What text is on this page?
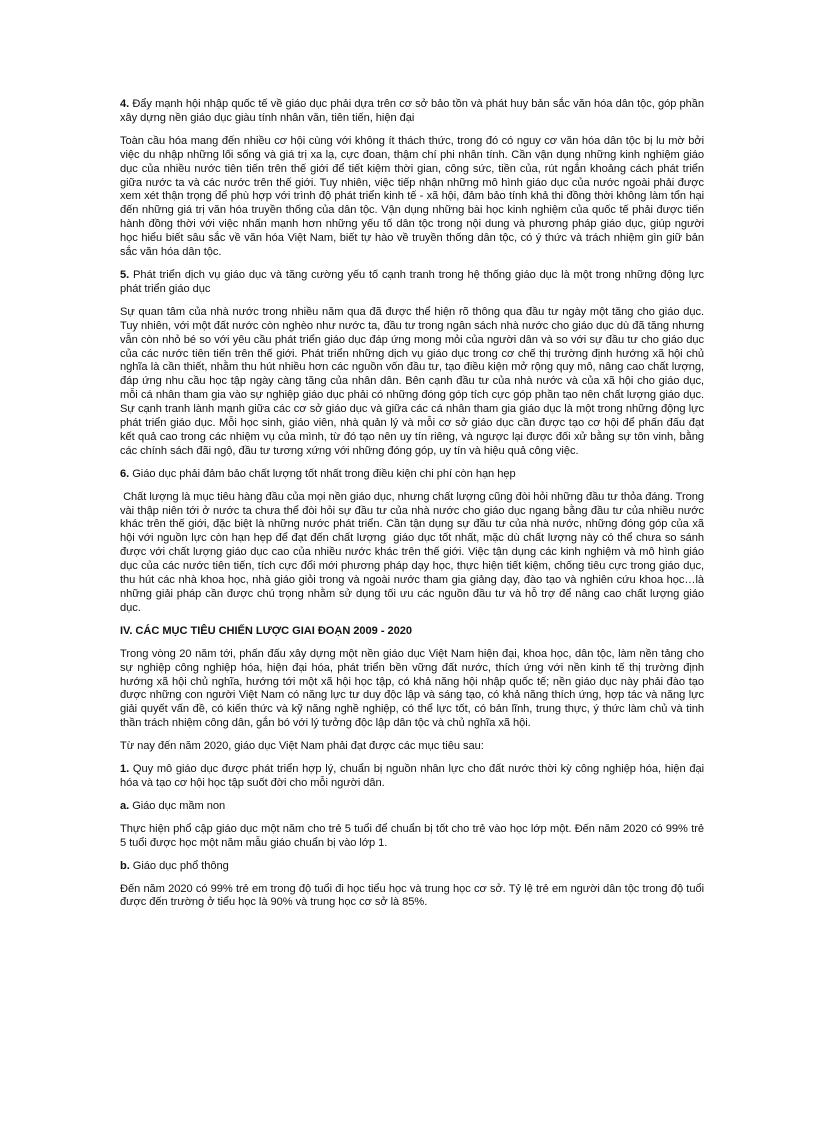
4. Đẩy mạnh hội nhập quốc tế về giáo dục phải dựa trên cơ sở bảo tồn và phát huy bản sắc văn hóa dân tộc, góp phần xây dựng nền giáo dục giàu tính nhân văn, tiên tiến, hiện đại

Toàn cầu hóa mang đến nhiều cơ hội cùng với không ít thách thức, trong đó có nguy cơ văn hóa dân tộc bị lu mờ bởi việc du nhập những lối sống và giá trị xa lạ, cực đoan, thậm chí phi nhân tính. Cần vận dụng những kinh nghiệm giáo dục của nhiều nước tiên tiến trên thế giới để tiết kiệm thời gian, công sức, tiền của, rút ngắn khoảng cách phát triển giữa nước ta và các nước trên thế giới. Tuy nhiên, việc tiếp nhận những mô hình giáo dục của nước ngoài phải được xem xét thận trọng để phù hợp với trình độ phát triển kinh tế - xã hội, đảm bảo tính khả thi đồng thời không làm tổn hại đến những giá trị văn hóa truyền thống của dân tộc. Vận dụng những bài học kinh nghiệm của quốc tế phải được tiến hành đồng thời với việc nhấn mạnh hơn những yếu tố dân tộc trong nội dung và phương pháp giáo dục, giúp người học hiểu biết sâu sắc về văn hóa Việt Nam, biết tự hào về truyền thống dân tộc, có ý thức và trách nhiệm gìn giữ bản sắc văn hóa dân tộc.

5. Phát triển dịch vụ giáo dục và tăng cường yếu tố cạnh tranh trong hệ thống giáo dục là một trong những động lực phát triển giáo dục

Sự quan tâm của nhà nước trong nhiều năm qua đã được thể hiện rõ thông qua đầu tư ngày một tăng cho giáo dục. Tuy nhiên, với một đất nước còn nghèo như nước ta, đầu tư trong ngân sách nhà nước cho giáo dục dù đã tăng nhưng vẫn còn nhỏ bé so với yêu cầu phát triển giáo dục đáp ứng mong mỏi của người dân và so với sự đầu tư cho giáo dục của các nước tiên tiến trên thế giới. Phát triển những dịch vụ giáo dục trong cơ chế thị trường định hướng xã hội chủ nghĩa là cần thiết, nhằm thu hút nhiều hơn các nguồn vốn đầu tư, tạo điều kiện mở rộng quy mô, nâng cao chất lượng, đáp ứng nhu cầu học tập ngày càng tăng của nhân dân. Bên cạnh đầu tư của nhà nước và của xã hội cho giáo dục, mỗi cá nhân tham gia vào sự nghiệp giáo dục phải có những đóng góp tích cực góp phần tạo nên chất lượng giáo dục. Sự cạnh tranh lành mạnh giữa các cơ sở giáo dục và giữa các cá nhân tham gia giáo dục là một trong những động lực phát triển giáo dục. Mỗi học sinh, giáo viên, nhà quản lý và mỗi cơ sở giáo dục cần được tạo cơ hội để phấn đấu đạt kết quả cao trong các nhiệm vụ của mình, từ đó tạo nên uy tín riêng, và ngược lại được đối xử bằng sự tôn vinh, bằng các chính sách đãi ngộ, đầu tư tương xứng với những đóng góp, uy tín và hiệu quả công việc.

6. Giáo dục phải đảm bảo chất lượng tốt nhất trong điều kiện chi phí còn hạn hẹp

Chất lượng là mục tiêu hàng đầu của mọi nền giáo dục, nhưng chất lượng cũng đòi hỏi những đầu tư thỏa đáng. Trong vài thập niên tới ở nước ta chưa thể đòi hỏi sự đầu tư của nhà nước cho giáo dục ngang bằng đầu tư của nhiều nước khác trên thế giới, đặc biệt là những nước phát triển. Cần tận dụng sự đầu tư của nhà nước, những đóng góp của xã hội với nguồn lực còn hạn hẹp để đạt đến chất lượng  giáo dục tốt nhất, mặc dù chất lượng này có thể chưa so sánh được với chất lượng giáo dục cao của nhiều nước khác trên thế giới. Việc tận dụng các kinh nghiệm và mô hình giáo dục của các nước tiên tiến, tích cực đổi mới phương pháp dạy học, thực hiện tiết kiệm, chống tiêu cực trong giáo dục, thu hút các nhà khoa học, nhà giáo giỏi trong và ngoài nước tham gia giảng dạy, đào tạo và nghiên cứu khoa học…là những giải pháp cần được chú trọng nhằm sử dụng tối ưu các nguồn đầu tư và hỗ trợ để nâng cao chất lượng giáo dục.

IV. CÁC MỤC TIÊU CHIẾN LƯỢC GIAI ĐOẠN 2009 - 2020

Trong vòng 20 năm tới, phấn đấu xây dựng một nền giáo dục Việt Nam hiện đại, khoa học, dân tộc, làm nền tảng cho sự nghiệp công nghiệp hóa, hiện đại hóa, phát triển bền vững đất nước, thích ứng với nền kinh tế thị trường định hướng xã hội chủ nghĩa, hướng tới một xã hội học tập, có khả năng hội nhập quốc tế; nền giáo dục này phải đào tạo được những con người Việt Nam có năng lực tư duy độc lập và sáng tạo, có khả năng thích ứng, hợp tác và năng lực giải quyết vấn đề, có kiến thức và kỹ năng nghề nghiệp, có thể lực tốt, có bản lĩnh, trung thực, ý thức làm chủ và tinh thần trách nhiệm công dân, gắn bó với lý tưởng độc lập dân tộc và chủ nghĩa xã hội.

Từ nay đến năm 2020, giáo dục Việt Nam phải đạt được các mục tiêu sau:

1. Quy mô giáo dục được phát triển hợp lý, chuẩn bị nguồn nhân lực cho đất nước thời kỳ công nghiệp hóa, hiện đại hóa và tạo cơ hội học tập suốt đời cho mỗi người dân.

a. Giáo dục mầm non

Thực hiện phổ cập giáo dục một năm cho trẻ 5 tuổi để chuẩn bị tốt cho trẻ vào học lớp một. Đến năm 2020 có 99% trẻ 5 tuổi được học một năm mẫu giáo chuẩn bị vào lớp 1.

b. Giáo dục phổ thông

Đến năm 2020 có 99% trẻ em trong độ tuổi đi học tiểu học và trung học cơ sở. Tỷ lệ trẻ em người dân tộc trong độ tuổi được đến trường ở tiểu học là 90% và trung học cơ sở là 85%.
